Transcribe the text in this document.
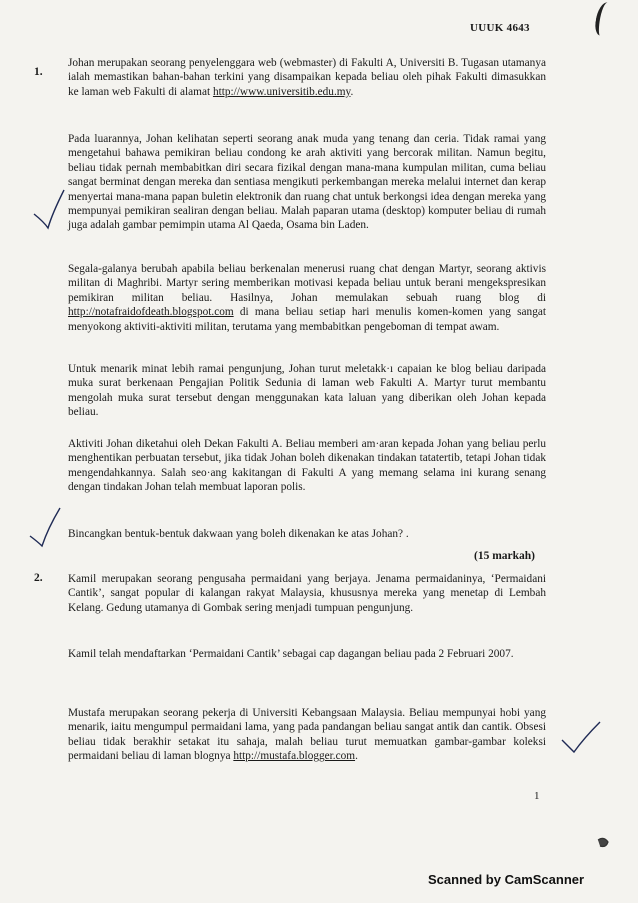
UUUK 4643
1.

Johan merupakan seorang penyelenggara web (webmaster) di Fakulti A, Universiti B. Tugasan utamanya ialah memastikan bahan-bahan terkini yang disampaikan kepada beliau oleh pihak Fakulti dimasukkan ke laman web Fakulti di alamat http://www.universitib.edu.my.

Pada luarannya, Johan kelihatan seperti seorang anak muda yang tenang dan ceria. Tidak ramai yang mengetahui bahawa pemikiran beliau condong ke arah aktiviti yang bercorak militan. Namun begitu, beliau tidak pernah membabitkan diri secara fizikal dengan mana-mana kumpulan militan, cuma beliau sangat berminat dengan mereka dan sentiasa mengikuti perkembangan mereka melalui internet dan kerap menyertai mana-mana papan buletin elektronik dan ruang chat untuk berkongsi idea dengan mereka yang mempunyai pemikiran sealiran dengan beliau. Malah paparan utama (desktop) komputer beliau di rumah juga adalah gambar pemimpin utama Al Qaeda, Osama bin Laden.

Segala-galanya berubah apabila beliau berkenalan menerusi ruang chat dengan Martyr, seorang aktivis militan di Maghribi. Martyr sering memberikan motivasi kepada beliau untuk berani mengekspresikan pemikiran militan beliau. Hasilnya, Johan memulakan sebuah ruang blog di http://notafraidofdeath.blogspot.com di mana beliau setiap hari menulis komen-komen yang sangat menyokong aktiviti-aktiviti militan, terutama yang membabitkan pengeboman di tempat awam.

Untuk menarik minat lebih ramai pengunjung, Johan turut meletakk⁠·⁠ı capaian ke blog beliau daripada muka surat berkenaan Pengajian Politik Sedunia di laman web Fakulti A. Martyr turut membantu mengolah muka surat tersebut dengan menggunakan kata laluan yang diberikan oleh Johan kepada beliau.

Aktiviti Johan diketahui oleh Dekan Fakulti A. Beliau memberi am·aran kepada Johan yang beliau perlu menghentikan perbuatan tersebut, jika tidak Johan boleh dikenakan tindakan tatatertib, tetapi Johan tidak mengendahkannya. Salah seo·ang kakitangan di Fakulti A yang memang selama ini kurang senang dengan tindakan Johan telah membuat laporan polis.

Bincangkan bentuk-bentuk dakwaan yang boleh dikenakan ke atas Johan? .

(15 markah)
2. Kamil merupakan seorang pengusaha permaidani yang berjaya. Jenama permaidaninya, ‘Permaidani Cantik’, sangat popular di kalangan rakyat Malaysia, khususnya mereka yang menetap di Lembah Kelang. Gedung utamanya di Gombak sering menjadi tumpuan pengunjung.

Kamil telah mendaftarkan ‘Permaidani Cantik’ sebagai cap dagangan beliau pada 2 Februari 2007.

Mustafa merupakan seorang pekerja di Universiti Kebangsaan Malaysia. Beliau mempunyai hobi yang menarik, iaitu mengumpul permaidani lama, yang pada pandangan beliau sangat antik dan cantik. Obsesi beliau tidak berakhir setakat itu sahaja, malah beliau turut memuatkan gambar-gambar koleksi permaidani beliau di laman blognya http://mustafa.blogger.com.

1
Scanned by CamScanner
